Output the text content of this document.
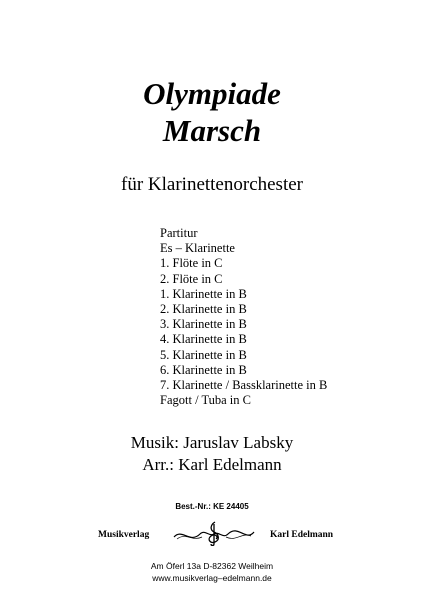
Olympiade
Marsch
für Klarinettenorchester
Partitur
Es – Klarinette
1. Flöte in C
2. Flöte in C
1. Klarinette in B
2. Klarinette in B
3. Klarinette in B
4. Klarinette in B
5. Klarinette in B
6. Klarinette in B
7. Klarinette / Bassklarinette in B
Fagott / Tuba in C
Musik: Jaruslav Labsky
Arr.: Karl Edelmann
Best.-Nr.: KE 24405
Musikverlag	Karl Edelmann
Am Öferl 13a D-82362 Weilheim
www.musikverlag–edelmann.de
